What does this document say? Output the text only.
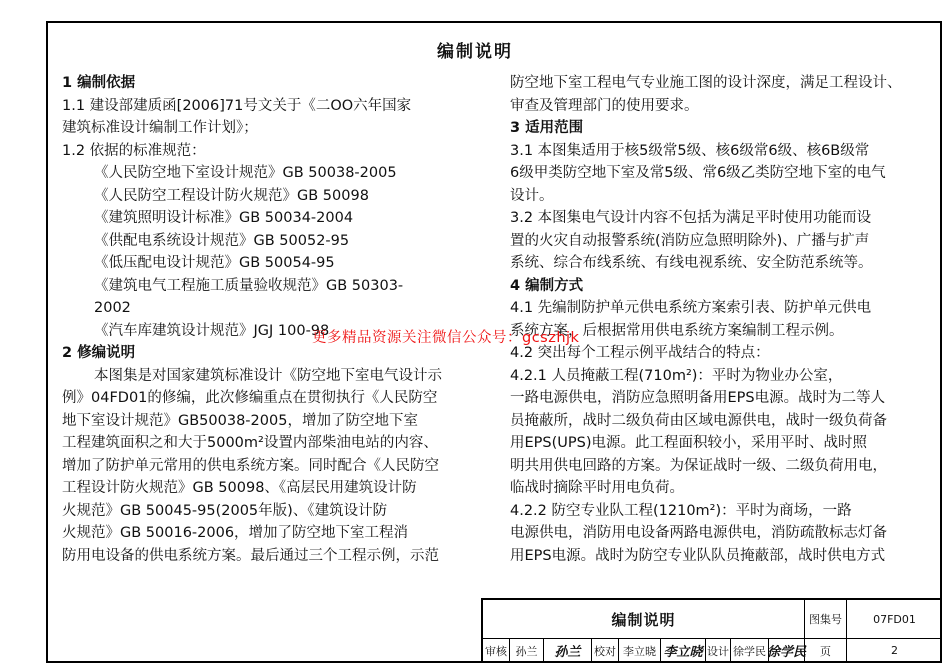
编制说明

1 编制依据

1.1 建设部建质函[2006]71号文关于《二OO六年国家

建筑标准设计编制工作计划》；

1.2 依据的标准规范：

《人民防空地下室设计规范》GB 50038-2005

《人民防空工程设计防火规范》GB 50098

《建筑照明设计标准》GB 50034-2004

《供配电系统设计规范》GB 50052-95

《低压配电设计规范》GB 50054-95

《建筑电气工程施工质量验收规范》GB 50303-

2002

《汽车库建筑设计规范》JGJ 100-98

2 修编说明

本图集是对国家建筑标准设计《防空地下室电气设计示

例》04FD01的修编，此次修编重点在贯彻执行《人民防空

地下室设计规范》GB50038-2005，增加了防空地下室

工程建筑面积之和大于5000m²设置内部柴油电站的内容、

增加了防护单元常用的供电系统方案。同时配合《人民防空

工程设计防火规范》GB 50098、《高层民用建筑设计防

火规范》GB 50045-95(2005年版)、《建筑设计防

火规范》GB 50016-2006，增加了防空地下室工程消

防用电设备的供电系统方案。最后通过三个工程示例，示范

防空地下室工程电气专业施工图的设计深度，满足工程设计、

审查及管理部门的使用要求。

3 适用范围

3.1 本图集适用于核5级常5级、核6级常6级、核6B级常

6级甲类防空地下室及常5级、常6级乙类防空地下室的电气

设计。

3.2 本图集电气设计内容不包括为满足平时使用功能而设

置的火灾自动报警系统(消防应急照明除外)、广播与扩声

系统、综合布线系统、有线电视系统、安全防范系统等。

4 编制方式

4.1 先编制防护单元供电系统方案索引表、防护单元供电

系统方案，后根据常用供电系统方案编制工程示例。

4.2 突出每个工程示例平战结合的特点：

4.2.1 人员掩蔽工程(710m²)：平时为物业办公室，

一路电源供电，消防应急照明备用EPS电源。战时为二等人

员掩蔽所，战时二级负荷由区域电源供电，战时一级负荷备

用EPS(UPS)电源。此工程面积较小，采用平时、战时照

明共用供电回路的方案。为保证战时一级、二级负荷用电，

临战时摘除平时用电负荷。

4.2.2 防空专业队工程(1210m²)：平时为商场，一路

电源供电，消防用电设备两路电源供电，消防疏散标志灯备

用EPS电源。战时为防空专业队队员掩蔽部，战时供电方式

更多精品资源关注微信公众号：gcszhjk
编制说明	图集号	07FD01
审核 孙兰	孙兰	校对 李立晓 李立晓 设计 徐学民 徐学民	页	2
